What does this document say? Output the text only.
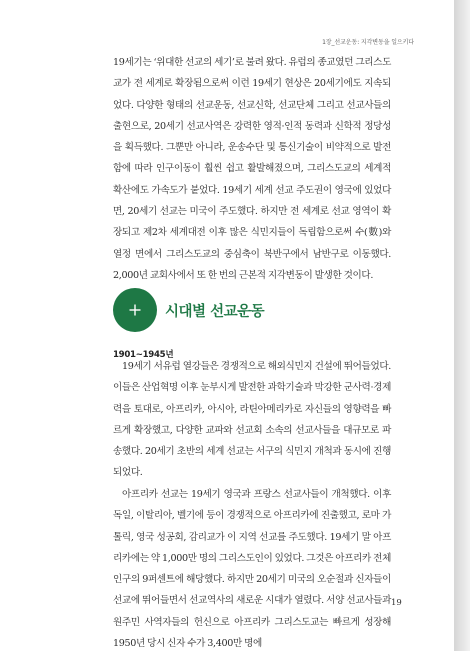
1장_선교운동: 지각변동을 일으키다

19세기는 ‘위대한 선교의 세기’로 불려 왔다. 유럽의 종교였던 그리스도교가 전 세계로 확장됨으로써 이런 19세기 현상은 20세기에도 지속되었다. 다양한 형태의 선교운동, 선교신학, 선교단체 그리고 선교사들의 출현으로, 20세기 선교사역은 강력한 영적·인적 동력과 신학적 정당성을 획득했다. 그뿐만 아니라, 운송수단 및 통신기술이 비약적으로 발전함에 따라 인구이동이 훨씬 쉽고 활발해졌으며, 그리스도교의 세계적 확산에도 가속도가 붙었다. 19세기 세계 선교 주도권이 영국에 있었다면, 20세기 선교는 미국이 주도했다. 하지만 전 세계로 선교 영역이 확장되고 제2차 세계대전 이후 많은 식민지들이 독립함으로써 수(數)와 열정 면에서 그리스도교의 중심축이 북반구에서 남반구로 이동했다. 2,000년 교회사에서 또 한 번의 근본적 지각변동이 발생한 것이다.

시대별 선교운동
1901~1945년

19세기 서유럽 열강들은 경쟁적으로 해외식민지 건설에 뛰어들었다. 이들은 산업혁명 이후 눈부시게 발전한 과학기술과 막강한 군사력·경제력을 토대로, 아프리카, 아시아, 라틴아메리카로 자신들의 영향력을 빠르게 확장했고, 다양한 교파와 선교회 소속의 선교사들을 대규모로 파송했다. 20세기 초반의 세계 선교는 서구의 식민지 개척과 동시에 진행되었다.

아프리카 선교는 19세기 영국과 프랑스 선교사들이 개척했다. 이후 독일, 이탈리아, 벨기에 등이 경쟁적으로 아프리카에 진출했고, 로마 가톨릭, 영국 성공회, 감리교가 이 지역 선교를 주도했다. 19세기 말 아프리카에는 약 1,000만 명의 그리스도인이 있었다. 그것은 아프리카 전체 인구의 9퍼센트에 해당했다. 하지만 20세기 미국의 오순절과 신자들이 선교에 뛰어들면서 선교역사의 새로운 시대가 열렸다. 서양 선교사들과 원주민 사역자들의 헌신으로 아프리카 그리스도교는 빠르게 성장해 1950년 당시 신자 수가 3,400만 명에

19
